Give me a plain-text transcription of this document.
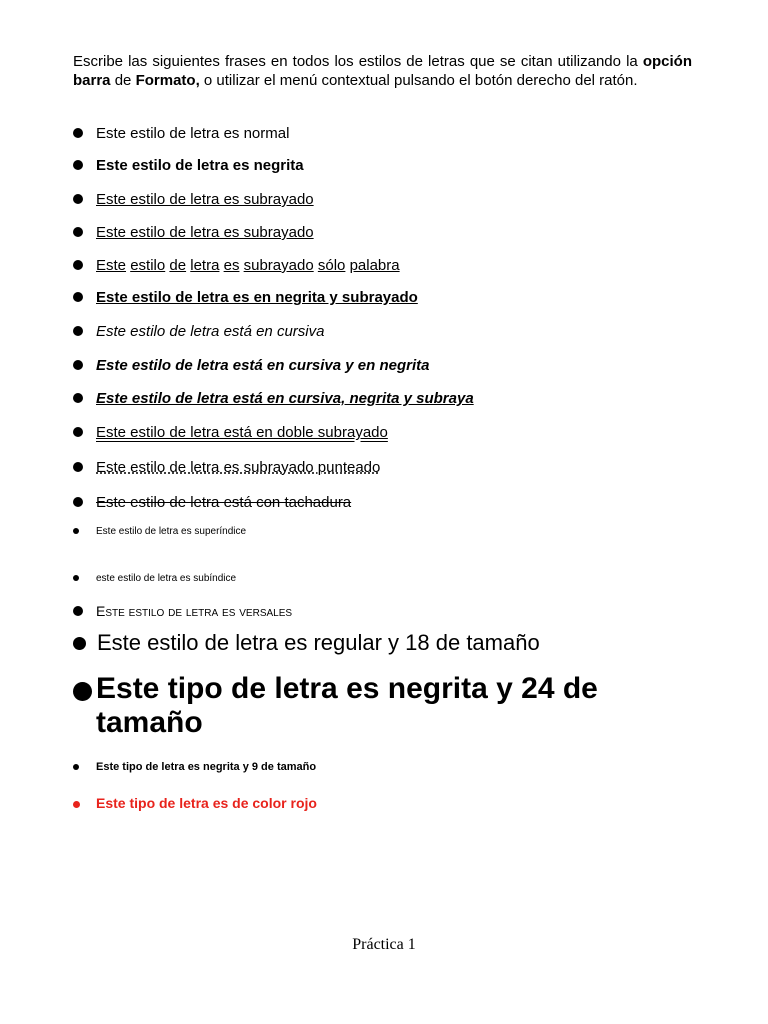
Escribe las siguientes frases en todos los estilos de letras que se citan utilizando la opción barra de Formato, o utilizar el menú contextual pulsando el botón derecho del ratón.

Este estilo de letra es normal
Este estilo de letra es negrita
Este estilo de letra es subrayado
Este estilo de letra es subrayado
Este estilo de letra es subrayado sólo palabra
Este estilo de letra es en negrita y subrayado
Este estilo de letra está en cursiva
Este estilo de letra está en cursiva y en negrita
Este estilo de letra está en cursiva, negrita y subraya
Este estilo de letra está en doble subrayado
Este estilo de letra es subrayado punteado
Este estilo de letra está con tachadura
Este estilo de letra es superíndice
este estilo de letra es subíndice
Este estilo de letra es versales
Este estilo de letra es regular y 18 de tamaño
Este tipo de letra es negrita y 24 de
tamaño
Este tipo de letra es negrita y 9 de tamaño
Este tipo de letra es de color rojo
Práctica 1
